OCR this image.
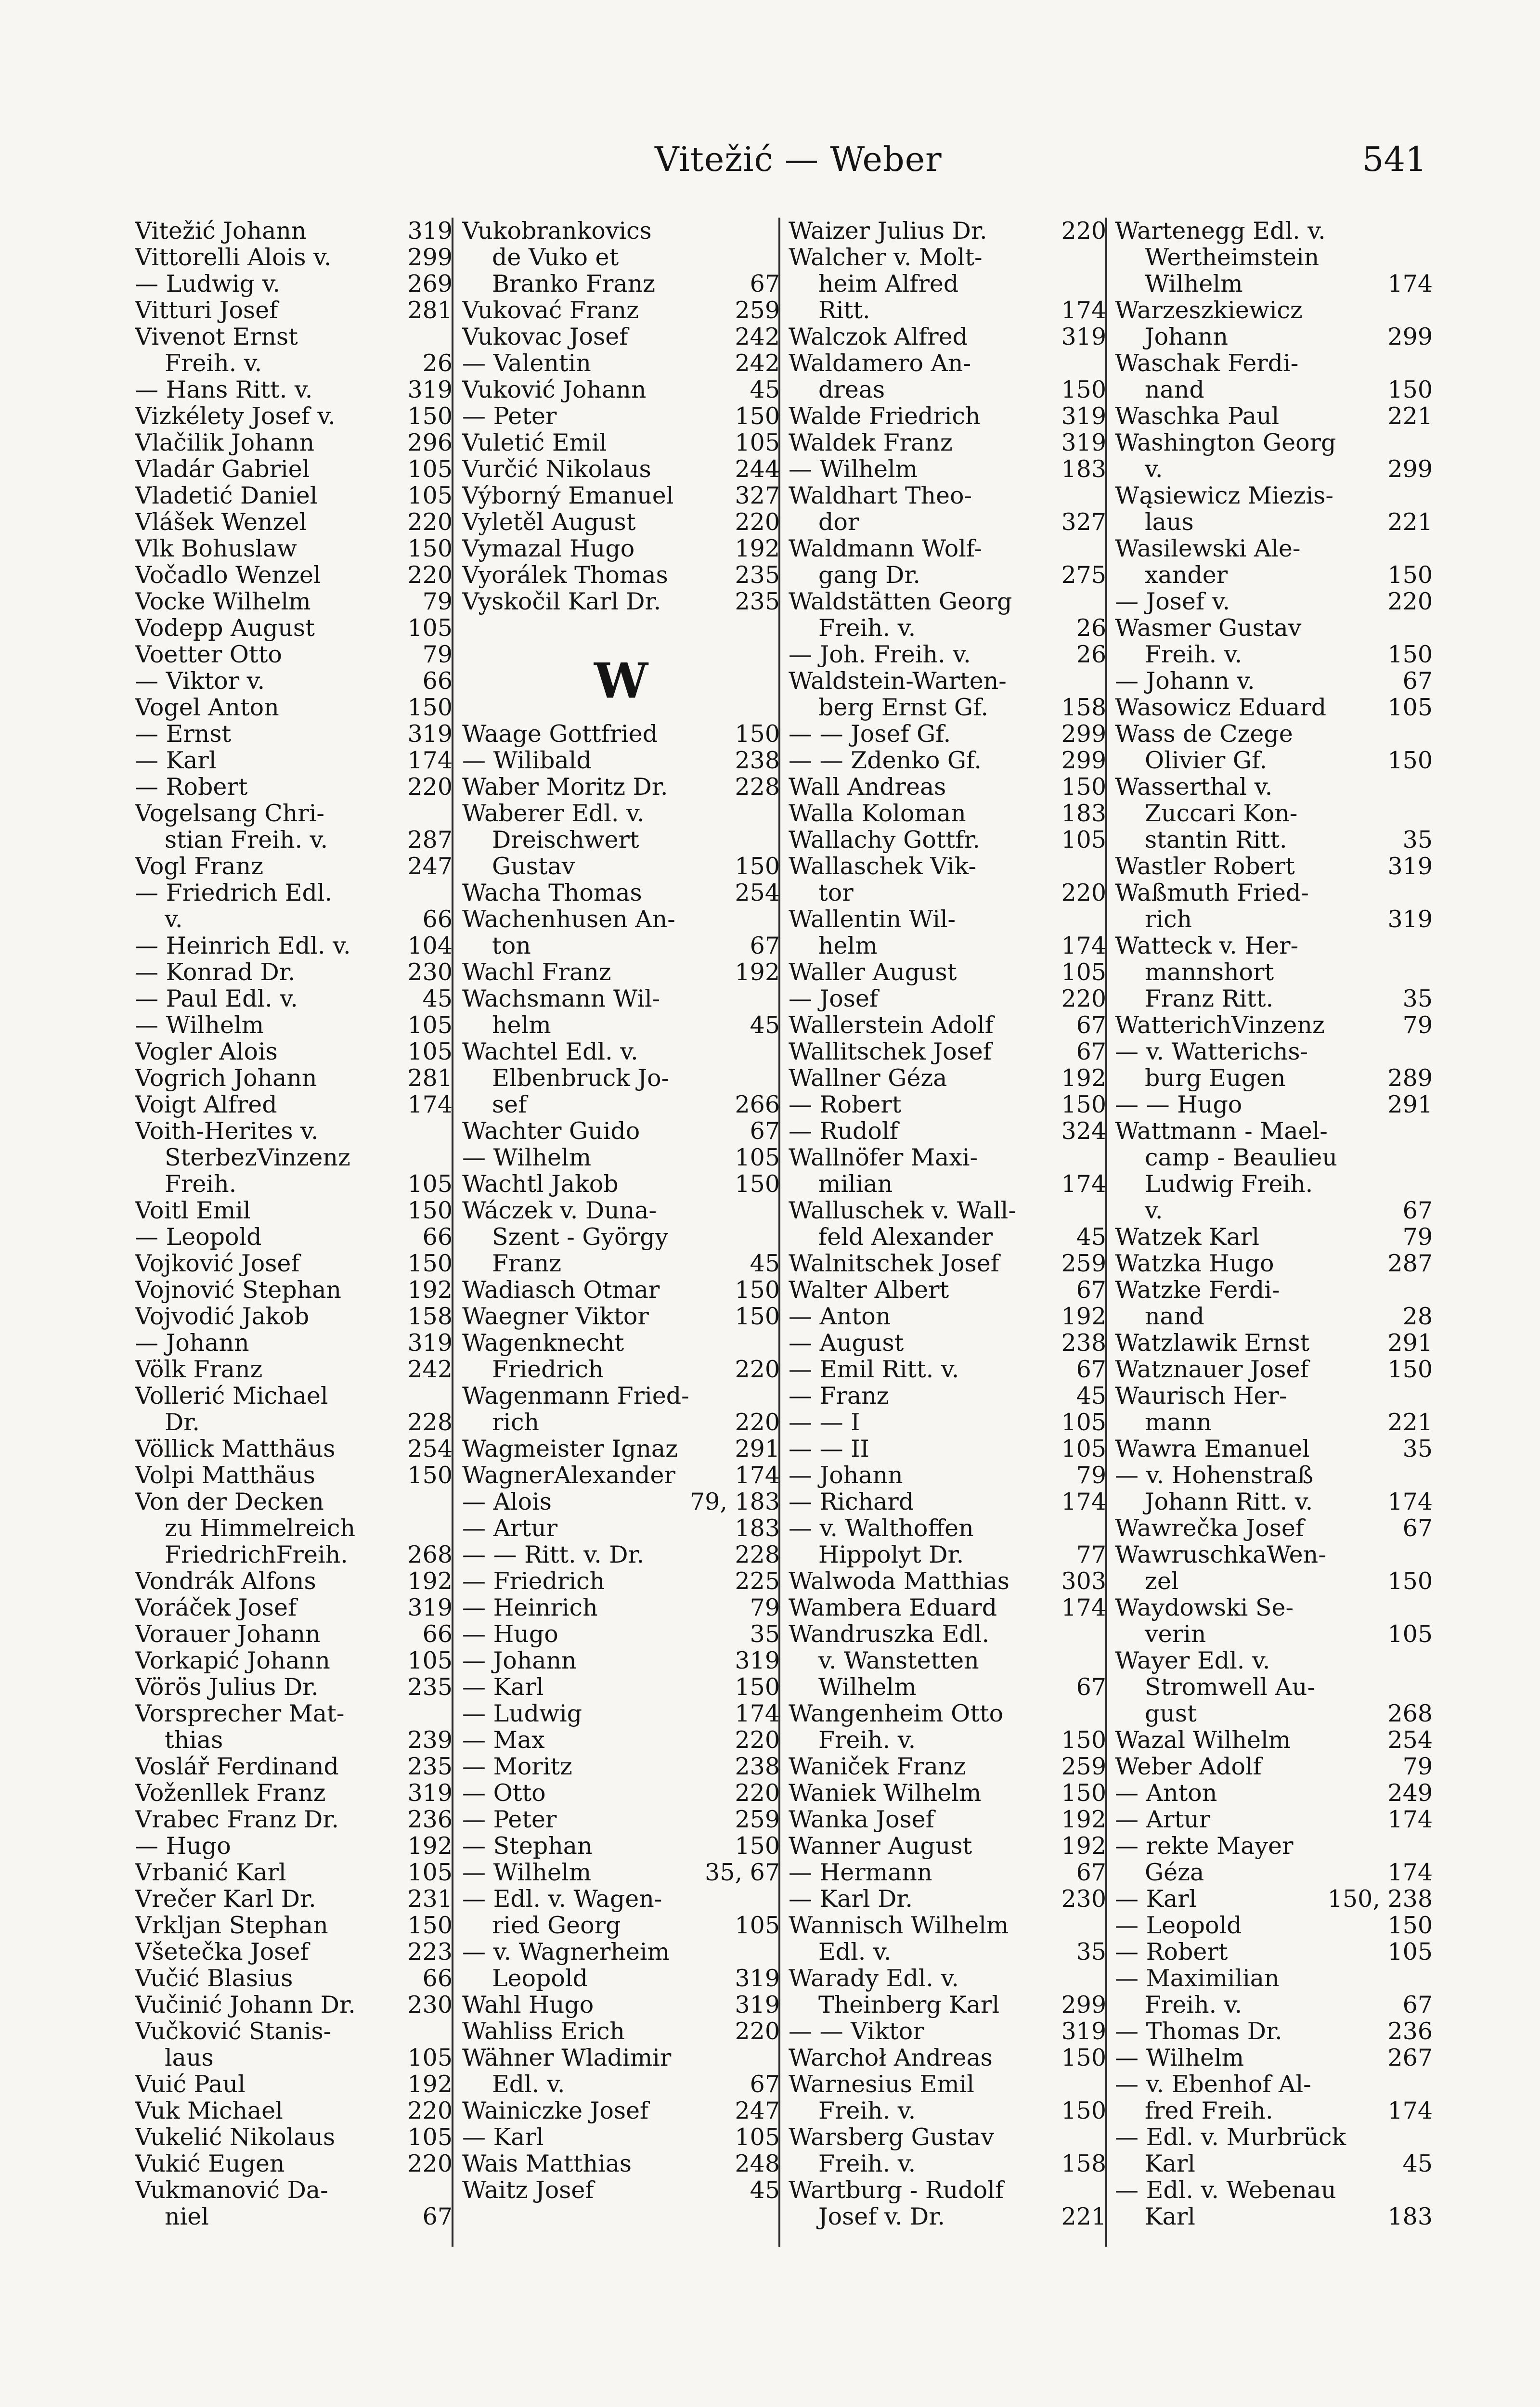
Vitežić — Weber	541
Vitežić Johann	319
Vittorelli Alois v.	299
— Ludwig v.	269
Vitturi Josef	281
Vivenot Ernst
Freih. v.	26
— Hans Ritt. v.	319
Vizkélety Josef v.	150
Vlačilik Johann	296
Vladár Gabriel	105
Vladetić Daniel	105
Vlášek Wenzel	220
Vlk Bohuslaw	150
Vočadlo Wenzel	220
Vocke Wilhelm	79
Vodepp August	105
Voetter Otto	79
— Viktor v.	66
Vogel Anton	150
— Ernst	319
— Karl	174
— Robert	220
Vogelsang Chri-
stian Freih. v.	287
Vogl Franz	247
— Friedrich Edl.
v.	66
— Heinrich Edl. v. 104
— Konrad Dr.	230
— Paul Edl. v.	45
— Wilhelm	105
Vogler Alois	105
Vogrich Johann	281
Voigt Alfred	174
Voith-Herites v.
SterbezVinzenz
Freih.	105
Voitl Emil	150
— Leopold	66
Vojković Josef	150
Vojnović Stephan	192
Vojvodić Jakob	158
— Johann	319
Völk Franz	242
Vollerić Michael
Dr.	228
Völlick Matthäus	254
Volpi Matthäus	150
Von der Decken
zu Himmelreich
FriedrichFreih.	268
Vondrák Alfons	192
Voráček Josef	319
Vorauer Johann	66
Vorkapić Johann	105
Vörös Julius Dr.	235
Vorsprecher Mat-
thias	239
Voslář Ferdinand	235
Voženllek Franz	319
Vrabec Franz Dr.	236
— Hugo	192
Vrbanić Karl	105
Vrečer Karl Dr.	231
Vrkljan Stephan	150
Všetečka Josef	223
Vučić Blasius	66
Vučinić Johann Dr. 230
Vučković Stanis-
laus	105
Vuić Paul	192
Vuk Michael	220
Vukelić Nikolaus	105
Vukić Eugen	220
Vukmanović Da-
niel	67
Vukobrankovics
de Vuko et
Branko Franz	67
Vukovać Franz	259
Vukovac Josef	242
— Valentin	242
Vuković Johann	45
— Peter	150
Vuletić Emil	105
Vurčić Nikolaus	244
Výborný Emanuel	327
Vyletěl August	220
Vymazal Hugo	192
Vyorálek Thomas	235
Vyskočil Karl Dr.	235
W
Waage Gottfried	150
— Wilibald	238
Waber Moritz Dr.	228
Waberer Edl. v.
Dreischwert
Gustav	150
Wacha Thomas	254
Wachenhusen An-
ton	67
Wachl Franz	192
Wachsmann Wil-
helm	45
Wachtel Edl. v.
Elbenbruck Jo-
sef	266
Wachter Guido	67
— Wilhelm	105
Wachtl Jakob	150
Wáczek v. Duna-
Szent - György
Franz	45
Wadiasch Otmar	150
Waegner Viktor	150
Wagenknecht
Friedrich	220
Wagenmann Fried-
rich	220
Wagmeister Ignaz 291
WagnerAlexander	174
— Alois	79, 183
— Artur	183
— — Ritt. v. Dr.	228
— Friedrich	225
— Heinrich	79
— Hugo	35
— Johann	319
— Karl	150
— Ludwig	174
— Max	220
— Moritz	238
— Otto	220
— Peter	259
— Stephan	150
— Wilhelm	35, 67
— Edl. v. Wagen-
ried Georg	105
— v. Wagnerheim
Leopold	319
Wahl Hugo	319
Wahliss Erich	220
Wähner Wladimir
Edl. v.	67
Wainiczke Josef	247
— Karl	105
Wais Matthias	248
Waitz Josef	45
Waizer Julius Dr.	220
Walcher v. Molt-
heim Alfred
Ritt.	174
Walczok Alfred	319
Waldamero An-
dreas	150
Walde Friedrich	319
Waldek Franz	319
— Wilhelm	183
Waldhart Theo-
dor	327
Waldmann Wolf-
gang Dr.	275
Waldstätten Georg
Freih. v.	26
— Joh. Freih. v.	26
Waldstein-Warten-
berg Ernst Gf.	158
— — Josef Gf.	299
— — Zdenko Gf.	299
Wall Andreas	150
Walla Koloman	183
Wallachy Gottfr.	105
Wallaschek Vik-
tor	220
Wallentin Wil-
helm	174
Waller August	105
— Josef	220
Wallerstein Adolf	67
Wallitschek Josef	67
Wallner Géza	192
— Robert	150
— Rudolf	324
Wallnöfer Maxi-
milian	174
Walluschek v. Wall-
feld Alexander	45
Walnitschek Josef	259
Walter Albert	67
— Anton	192
— August	238
— Emil Ritt. v.	67
— Franz	45
— — I	105
— — II	105
— Johann	79
— Richard	174
— v. Walthoffen
Hippolyt Dr.	77
Walwoda Matthias 303
Wambera Eduard	174
Wandruszka Edl.
v. Wanstetten
Wilhelm	67
Wangenheim Otto
Freih. v.	150
Waniček Franz	259
Waniek Wilhelm	150
Wanka Josef	192
Wanner August	192
— Hermann	67
— Karl Dr.	230
Wannisch Wilhelm
Edl. v.	35
Warady Edl. v.
Theinberg Karl	299
— — Viktor	319
Warchoł Andreas	150
Warnesius Emil
Freih. v.	150
Warsberg Gustav
Freih. v.	158
Wartburg - Rudolf
Josef v. Dr.	221
Wartenegg Edl. v.
Wertheimstein
Wilhelm	174
Warzeszkiewicz
Johann	299
Waschak Ferdi-
nand	150
Waschka Paul	221
Washington Georg
v.	299
Wąsiewicz Miezis-
laus	221
Wasilewski Ale-
xander	150
— Josef v.	220
Wasmer Gustav
Freih. v.	150
— Johann v.	67
Wasowicz Eduard	105
Wass de Czege
Olivier Gf.	150
Wasserthal v.
Zuccari Kon-
stantin Ritt.	35
Wastler Robert	319
Waßmuth Fried-
rich	319
Watteck v. Her-
mannshort
Franz Ritt.	35
WatterichVinzenz	79
— v. Watterichs-
burg Eugen	289
— — Hugo	291
Wattmann - Mael-
camp - Beaulieu
Ludwig Freih.
v.	67
Watzek Karl	79
Watzka Hugo	287
Watzke Ferdi-
nand	28
Watzlawik Ernst	291
Watznauer Josef	150
Waurisch Her-
mann	221
Wawra Emanuel	35
— v. Hohenstraß
Johann Ritt. v.	174
Wawrečka Josef	67
WawruschkaWen-
zel	150
Waydowski Se-
verin	105
Wayer Edl. v.
Stromwell Au-
gust	268
Wazal Wilhelm	254
Weber Adolf	79
— Anton	249
— Artur	174
— rekte Mayer
Géza	174
— Karl	150, 238
— Leopold	150
— Robert	105
— Maximilian
Freih. v.	67
— Thomas Dr.	236
— Wilhelm	267
— v. Ebenhof Al-
fred Freih.	174
— Edl. v. Murbrück
Karl	45
— Edl. v. Webenau
Karl	183
